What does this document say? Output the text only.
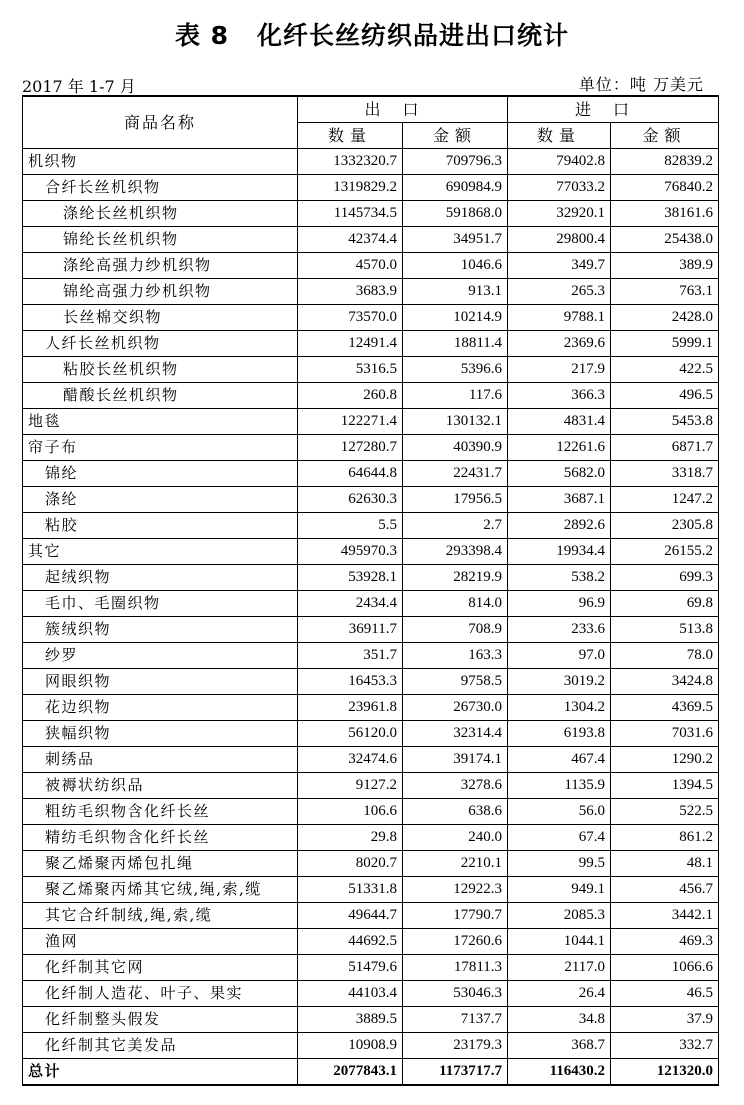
表 8 化纤长丝纺织品进出口统计
2017 年 1-7 月	单位：吨 万美元
商品名称	出口		进口	
	数量	金额	数量	金额
机织物	1332320.7	709796.3	79402.8	82839.2
合纤长丝机织物	1319829.2	690984.9	77033.2	76840.2
涤纶长丝机织物	1145734.5	591868.0	32920.1	38161.6
锦纶长丝机织物	42374.4	34951.7	29800.4	25438.0
涤纶高强力纱机织物	4570.0	1046.6	349.7	389.9
锦纶高强力纱机织物	3683.9	913.1	265.3	763.1
长丝棉交织物	73570.0	10214.9	9788.1	2428.0
人纤长丝机织物	12491.4	18811.4	2369.6	5999.1
粘胶长丝机织物	5316.5	5396.6	217.9	422.5
醋酸长丝机织物	260.8	117.6	366.3	496.5
地毯	122271.4	130132.1	4831.4	5453.8
帘子布	127280.7	40390.9	12261.6	6871.7
锦纶	64644.8	22431.7	5682.0	3318.7
涤纶	62630.3	17956.5	3687.1	1247.2
粘胶	5.5	2.7	2892.6	2305.8
其它	495970.3	293398.4	19934.4	26155.2
起绒织物	53928.1	28219.9	538.2	699.3
毛巾、毛圈织物	2434.4	814.0	96.9	69.8
簇绒织物	36911.7	708.9	233.6	513.8
纱罗	351.7	163.3	97.0	78.0
网眼织物	16453.3	9758.5	3019.2	3424.8
花边织物	23961.8	26730.0	1304.2	4369.5
狭幅织物	56120.0	32314.4	6193.8	7031.6
刺绣品	32474.6	39174.1	467.4	1290.2
被褥状纺织品	9127.2	3278.6	1135.9	1394.5
粗纺毛织物含化纤长丝	106.6	638.6	56.0	522.5
精纺毛织物含化纤长丝	29.8	240.0	67.4	861.2
聚乙烯聚丙烯包扎绳	8020.7	2210.1	99.5	48.1
聚乙烯聚丙烯其它绒,绳,索,缆	51331.8	12922.3	949.1	456.7
其它合纤制绒,绳,索,缆	49644.7	17790.7	2085.3	3442.1
渔网	44692.5	17260.6	1044.1	469.3
化纤制其它网	51479.6	17811.3	2117.0	1066.6
化纤制人造花、叶子、果实	44103.4	53046.3	26.4	46.5
化纤制整头假发	3889.5	7137.7	34.8	37.9
化纤制其它美发品	10908.9	23179.3	368.7	332.7
总计	2077843.1	1173717.7	116430.2	121320.0
